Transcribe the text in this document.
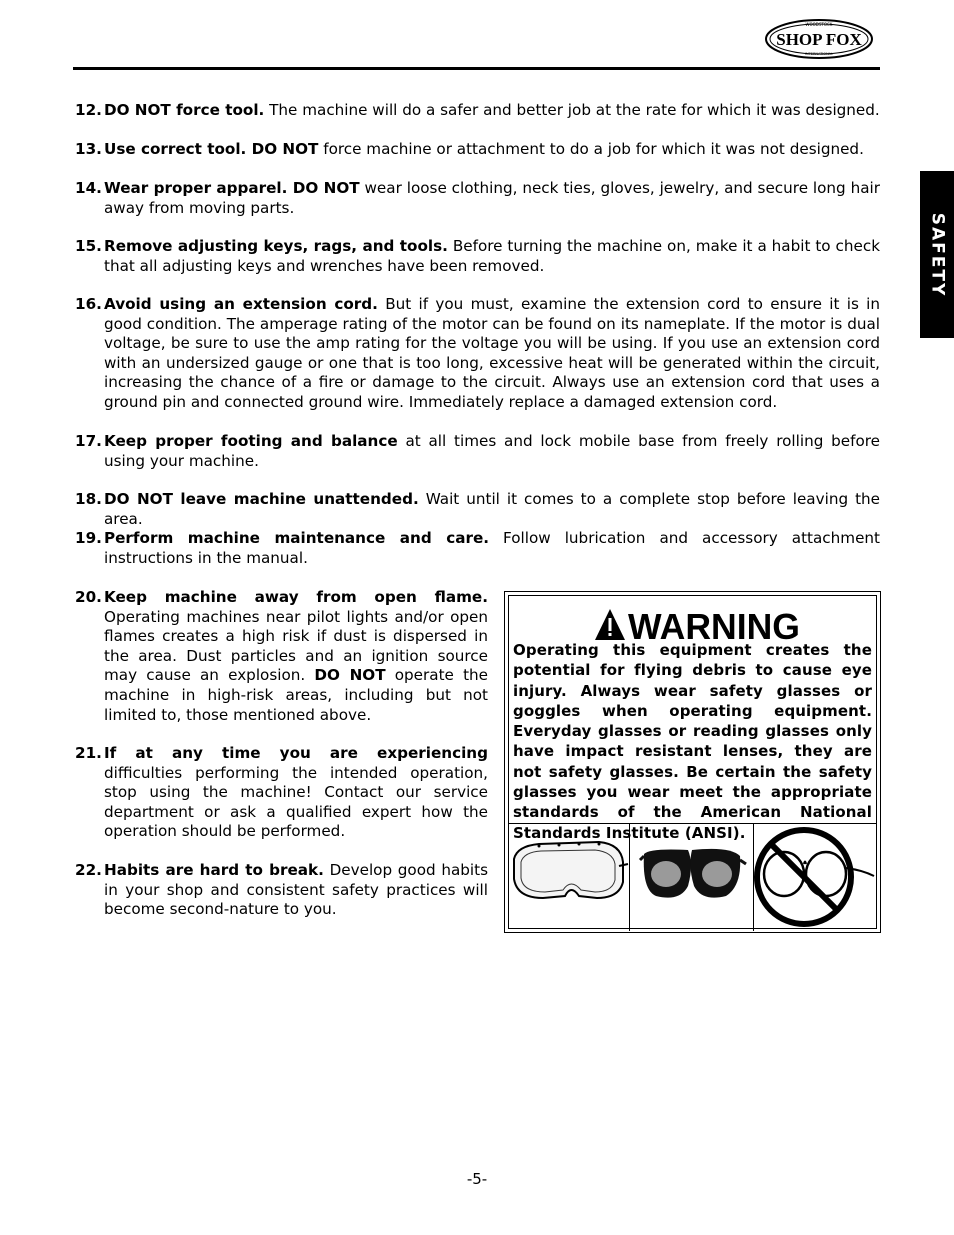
SHOP FOX
WOODSTOCK
INTERNATIONAL
SAFETY
12. DO NOT force tool. The machine will do a safer and better job at the rate for which it was designed.
13. Use correct tool. DO NOT force machine or attachment to do a job for which it was not designed.
14. Wear proper apparel. DO NOT wear loose clothing, neck ties, gloves, jewelry, and secure long hair away from moving parts.
15. Remove adjusting keys, rags, and tools. Before turning the machine on, make it a habit to check that all adjusting keys and wrenches have been removed.
16. Avoid using an extension cord. But if you must, examine the extension cord to ensure it is in good condition. The amperage rating of the motor can be found on its nameplate. If the motor is dual voltage, be sure to use the amp rating for the voltage you will be using. If you use an extension cord with an undersized gauge or one that is too long, excessive heat will be generated within the circuit, increasing the chance of a fire or damage to the circuit. Always use an extension cord that uses a ground pin and connected ground wire. Immediately replace a damaged extension cord.
17. Keep proper footing and balance at all times and lock mobile base from freely rolling before using your machine.
18. DO NOT leave machine unattended. Wait until it comes to a complete stop before leaving the area.
19. Perform machine maintenance and care. Follow lubrication and accessory attachment instructions in the manual.
20. Keep machine away from open flame. Operating machines near pilot lights and/or open flames creates a high risk if dust is dispersed in the area. Dust particles and an ignition source may cause an explosion. DO NOT operate the machine in high-risk areas, including but not limited to, those mentioned above.
21. If at any time you are experiencing difficulties performing the intended operation, stop using the machine! Contact our service department or ask a qualified expert how the operation should be performed.
22. Habits are hard to break. Develop good habits in your shop and consistent safety practices will become second-nature to you.
WARNING
Operating this equipment creates the potential for flying debris to cause eye injury. Always wear safety glasses or goggles when operating equipment. Everyday glasses or reading glasses only have impact resistant lenses, they are not safety glasses. Be certain the safety glasses you wear meet the appropriate standards of the American National Standards Institute (ANSI).
-5-
